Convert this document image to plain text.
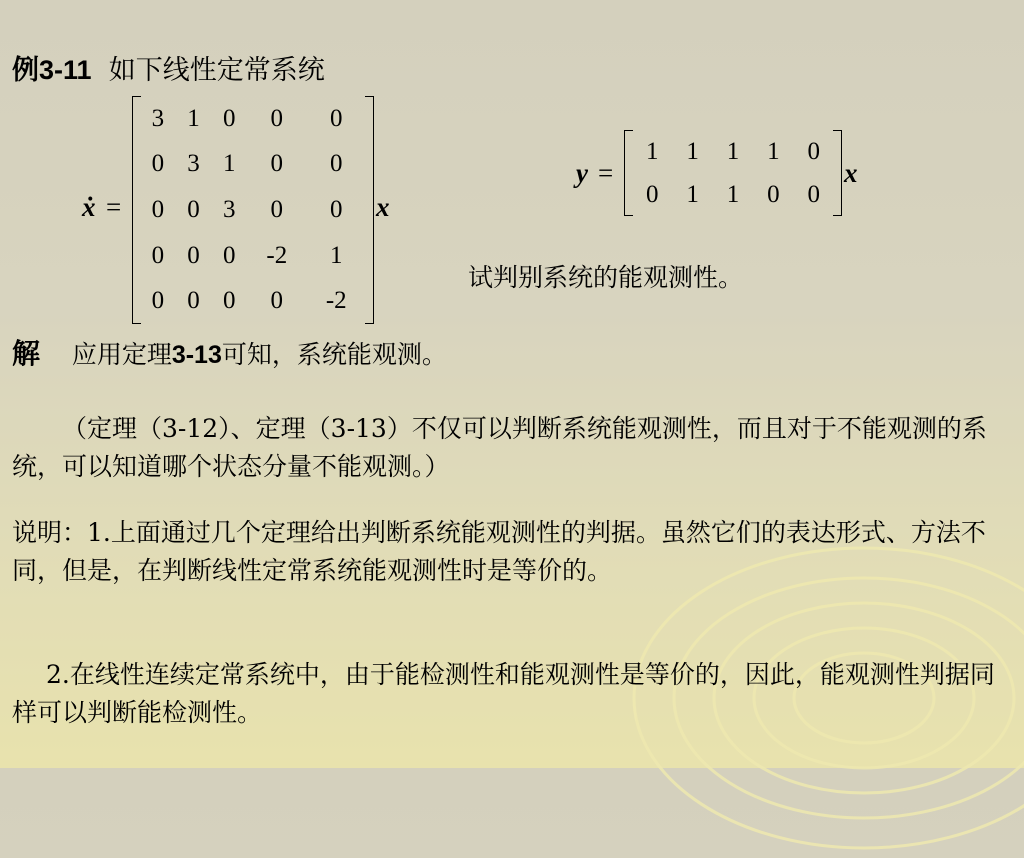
例3-11 如下线性定常系统
ẋ =
3	1	0	0	0
0	3	1	0	0
0	0	3	0	0
0	0	0	-2	1
0	0	0	0	-2
x
y =
1	1	1	1	0
0	1	1	0	0
x
试判别系统的能观测性。
解 应用定理3-13可知，系统能观测。
（定理（3-12）、定理（3-13）不仅可以判断系统能观测性，而且对于不能观测的系统，可以知道哪个状态分量不能观测。）
说明：1.上面通过几个定理给出判断系统能观测性的判据。虽然它们的表达形式、方法不同，但是，在判断线性定常系统能观测性时是等价的。
2.在线性连续定常系统中，由于能检测性和能观测性是等价的，因此，能观测性判据同样可以判断能检测性。
